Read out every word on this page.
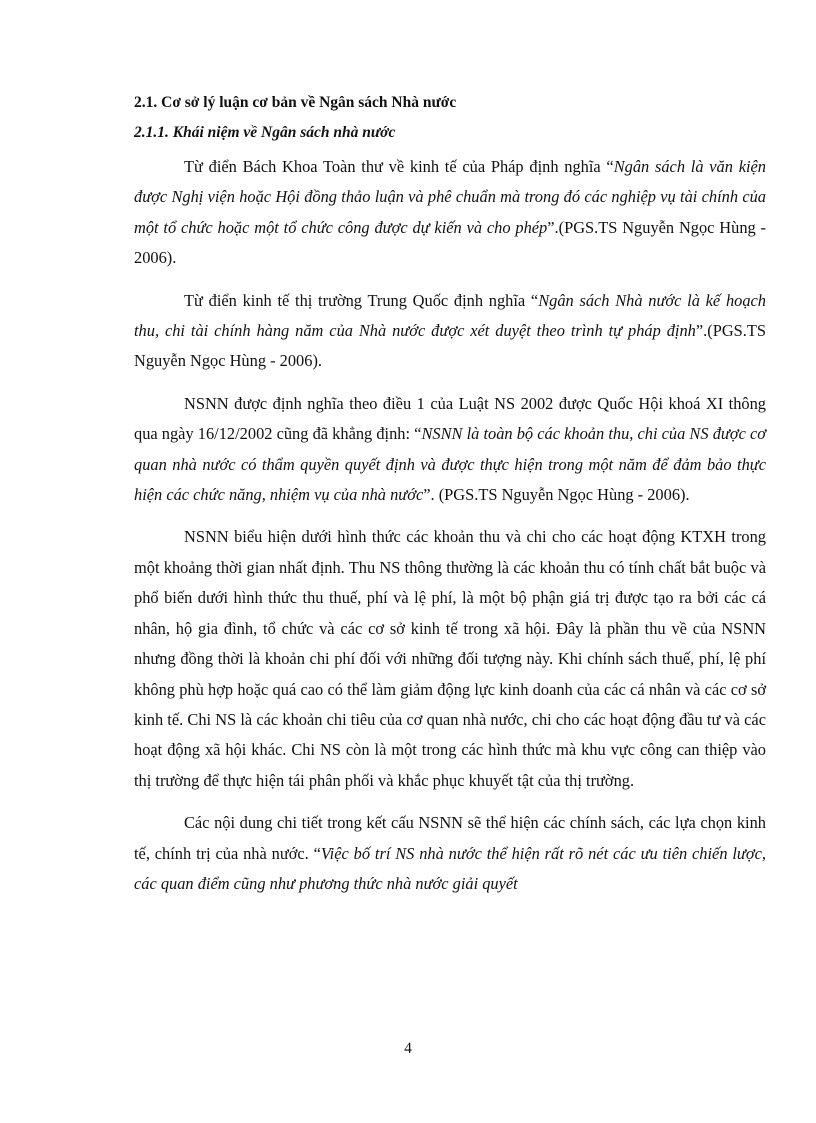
2.1. Cơ sở lý luận cơ bản về Ngân sách Nhà nước

2.1.1. Khái niệm về Ngân sách nhà nước

Từ điển Bách Khoa Toàn thư về kinh tế của Pháp định nghĩa “Ngân sách là văn kiện được Nghị viện hoặc Hội đồng thảo luận và phê chuẩn mà trong đó các nghiệp vụ tài chính của một tổ chức hoặc một tổ chức công được dự kiến và cho phép”.(PGS.TS Nguyễn Ngọc Hùng - 2006).

Từ điển kinh tế thị trường Trung Quốc định nghĩa “Ngân sách Nhà nước là kế hoạch thu, chi tài chính hàng năm của Nhà nước được xét duyệt theo trình tự pháp định”.(PGS.TS Nguyễn Ngọc Hùng - 2006).

NSNN được định nghĩa theo điều 1 của Luật NS 2002 được Quốc Hội khoá XI thông qua ngày 16/12/2002 cũng đã khẳng định: “NSNN là toàn bộ các khoản thu, chi của NS được cơ quan nhà nước có thẩm quyền quyết định và được thực hiện trong một năm để đảm bảo thực hiện các chức năng, nhiệm vụ của nhà nước”. (PGS.TS Nguyễn Ngọc Hùng - 2006).

NSNN biểu hiện dưới hình thức các khoản thu và chi cho các hoạt động KTXH trong một khoảng thời gian nhất định. Thu NS thông thường là các khoản thu có tính chất bắt buộc và phổ biến dưới hình thức thu thuế, phí và lệ phí, là một bộ phận giá trị được tạo ra bởi các cá nhân, hộ gia đình, tổ chức và các cơ sở kinh tế trong xã hội. Đây là phần thu về của NSNN nhưng đồng thời là khoản chi phí đối với những đối tượng này. Khi chính sách thuế, phí, lệ phí không phù hợp hoặc quá cao có thể làm giảm động lực kinh doanh của các cá nhân và các cơ sở kinh tế. Chi NS là các khoản chi tiêu của cơ quan nhà nước, chi cho các hoạt động đầu tư và các hoạt động xã hội khác. Chi NS còn là một trong các hình thức mà khu vực công can thiệp vào thị trường để thực hiện tái phân phối và khắc phục khuyết tật của thị trường.

Các nội dung chi tiết trong kết cấu NSNN sẽ thể hiện các chính sách, các lựa chọn kinh tế, chính trị của nhà nước. “Việc bố trí NS nhà nước thể hiện rất rõ nét các ưu tiên chiến lược, các quan điểm cũng như phương thức nhà nước giải quyết

4
